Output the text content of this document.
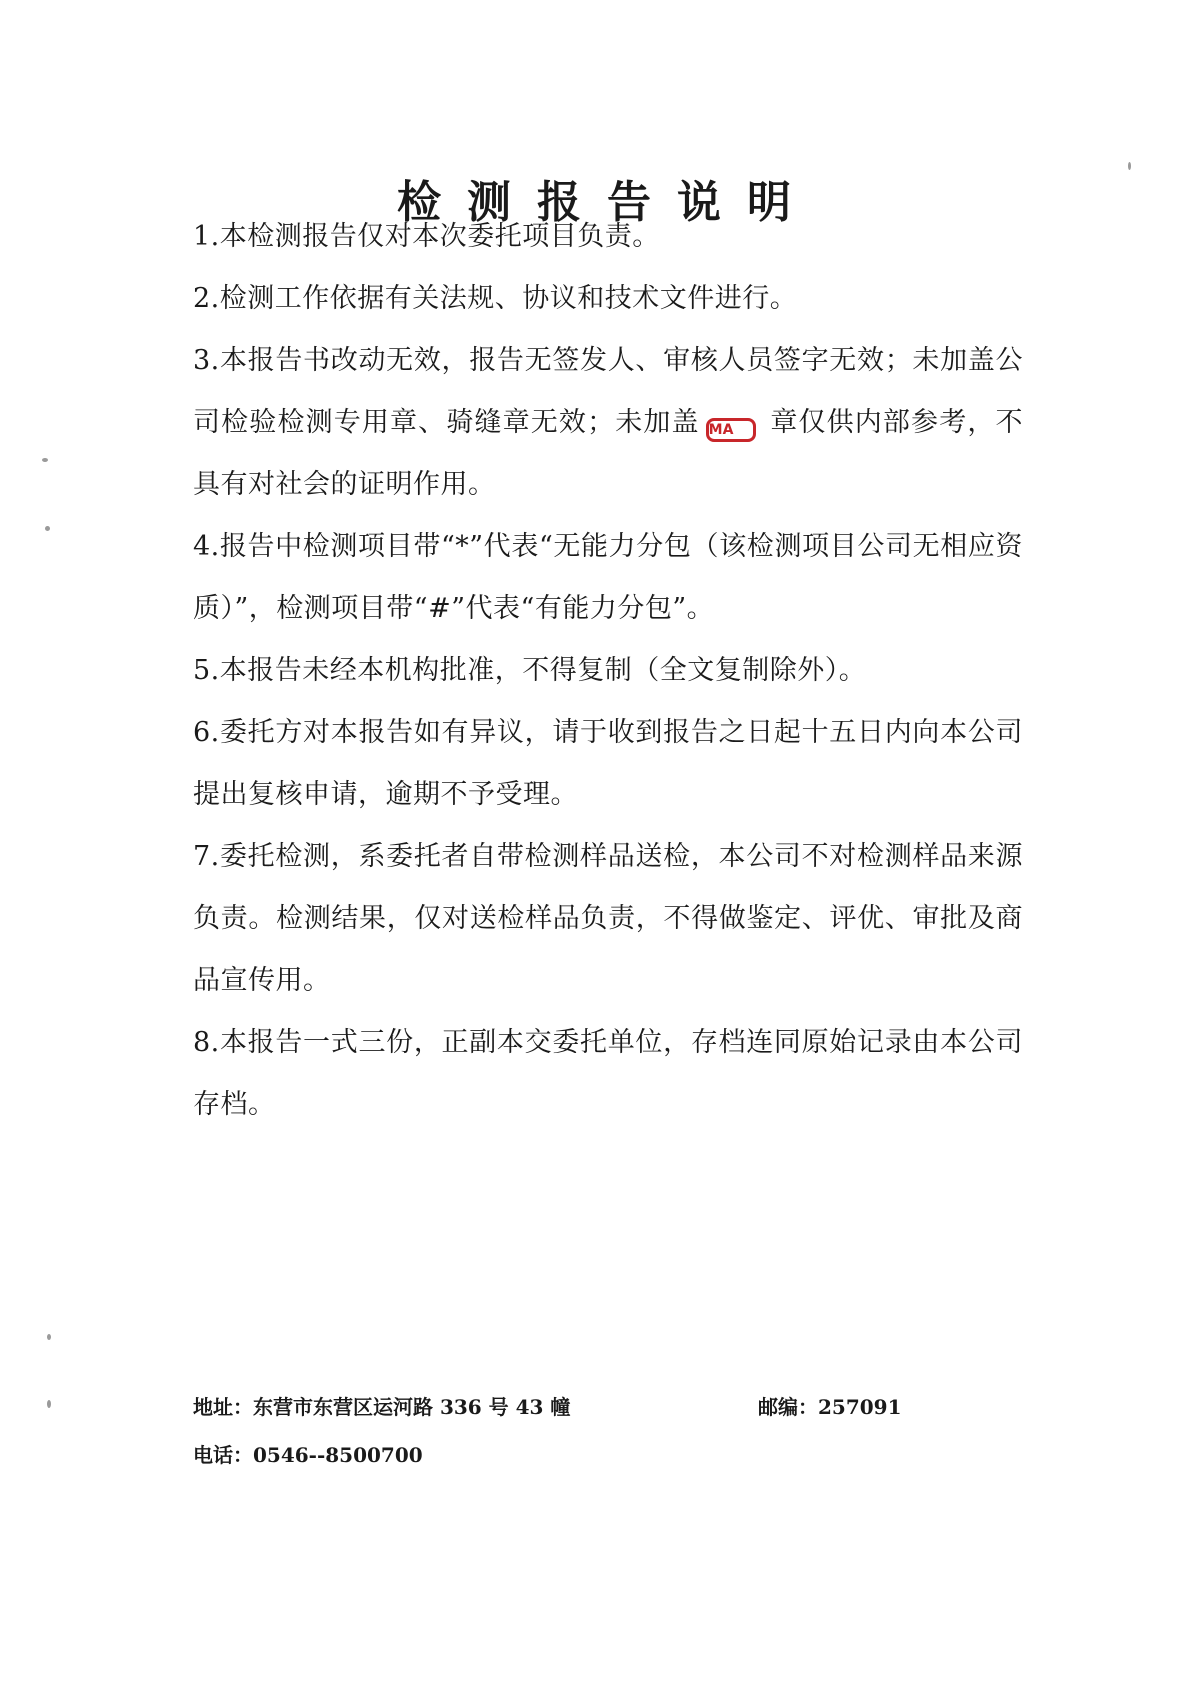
检测报告说明
1.本检测报告仅对本次委托项目负责。
2.检测工作依据有关法规、协议和技术文件进行。
3.本报告书改动无效，报告无签发人、审核人员签字无效；未加盖公司检验检测专用章、骑缝章无效；未加盖 MA 章仅供内部参考，不具有对社会的证明作用。
4.报告中检测项目带“*”代表“无能力分包（该检测项目公司无相应资质）”，检测项目带“#”代表“有能力分包”。
5.本报告未经本机构批准，不得复制（全文复制除外）。
6.委托方对本报告如有异议，请于收到报告之日起十五日内向本公司提出复核申请，逾期不予受理。
7.委托检测，系委托者自带检测样品送检，本公司不对检测样品来源负责。检测结果，仅对送检样品负责，不得做鉴定、评优、审批及商品宣传用。
8.本报告一式三份，正副本交委托单位，存档连同原始记录由本公司存档。
地址：东营市东营区运河路 336 号 43 幢	邮编：257091
电话：0546--8500700
